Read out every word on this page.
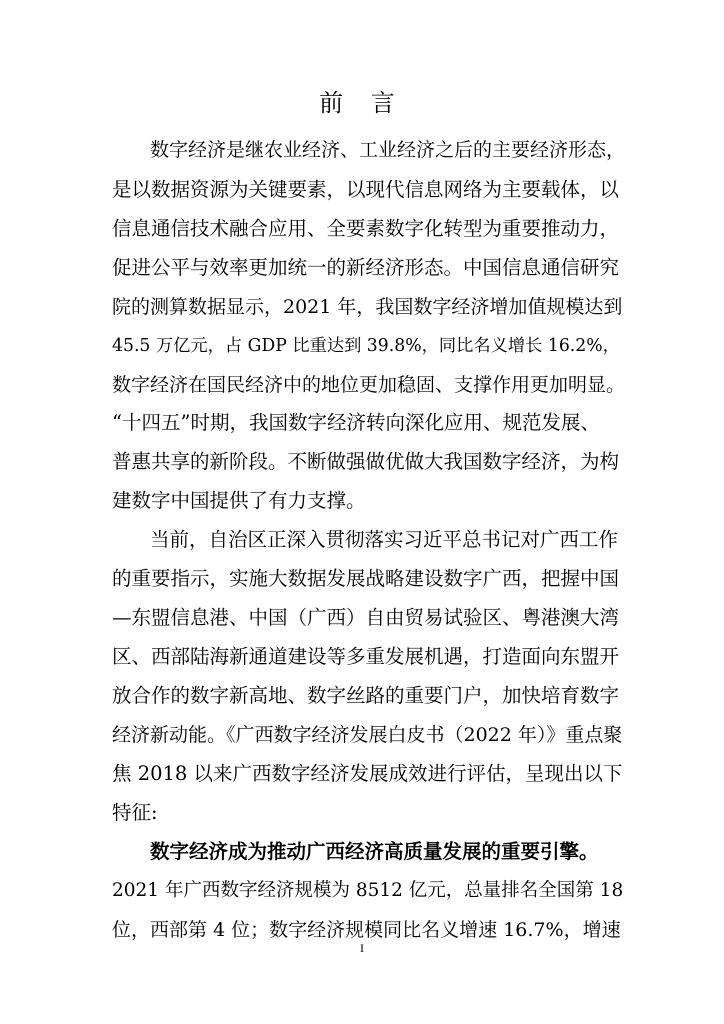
前 言
数字经济是继农业经济、工业经济之后的主要经济形态，
是以数据资源为关键要素，以现代信息网络为主要载体，以
信息通信技术融合应用、全要素数字化转型为重要推动力，
促进公平与效率更加统一的新经济形态。中国信息通信研究
院的测算数据显示，2021 年，我国数字经济增加值规模达到
45.5 万亿元，占 GDP 比重达到 39.8%，同比名义增长 16.2%，
数字经济在国民经济中的地位更加稳固、支撑作用更加明显。
“十四五”时期，我国数字经济转向深化应用、规范发展、
普惠共享的新阶段。不断做强做优做大我国数字经济，为构
建数字中国提供了有力支撑。
当前，自治区正深入贯彻落实习近平总书记对广西工作
的重要指示，实施大数据发展战略建设数字广西，把握中国
—东盟信息港、中国（广西）自由贸易试验区、粤港澳大湾
区、西部陆海新通道建设等多重发展机遇，打造面向东盟开
放合作的数字新高地、数字丝路的重要门户，加快培育数字
经济新动能。《广西数字经济发展白皮书（2022 年）》重点聚
焦 2018 以来广西数字经济发展成效进行评估，呈现出以下
特征:
数字经济成为推动广西经济高质量发展的重要引擎。
2021 年广西数字经济规模为 8512 亿元，总量排名全国第 18
位，西部第 4 位；数字经济规模同比名义增速 16.7%，增速
I
